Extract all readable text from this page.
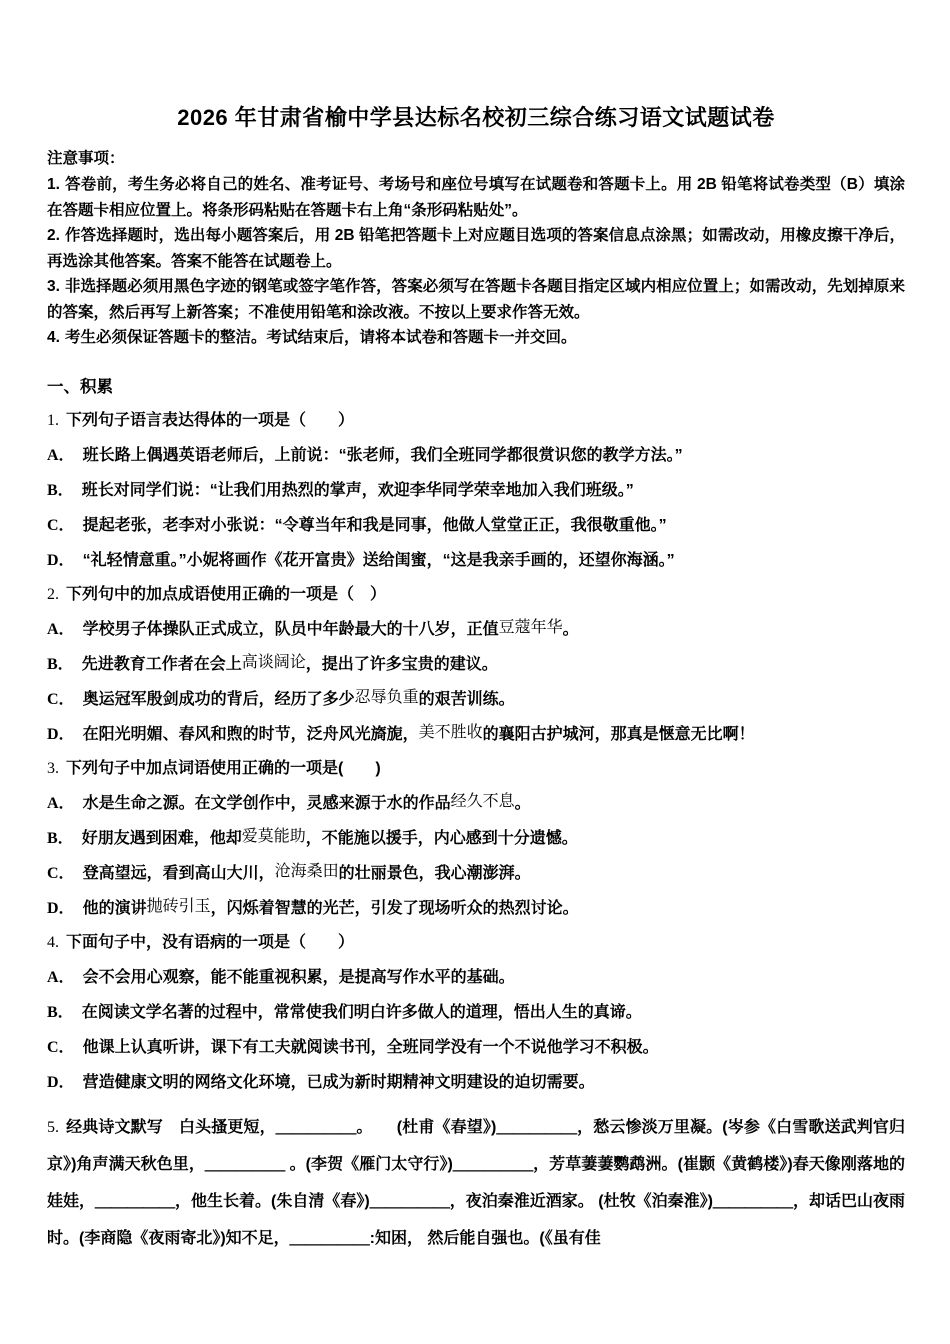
2026 年甘肃省榆中学县达标名校初三综合练习语文试题试卷

注意事项：

1. 答卷前，考生务必将自己的姓名、准考证号、考场号和座位号填写在试题卷和答题卡上。用 2B 铅笔将试卷类型（B）填涂在答题卡相应位置上。将条形码粘贴在答题卡右上角“条形码粘贴处”。

2. 作答选择题时，选出每小题答案后，用 2B 铅笔把答题卡上对应题目选项的答案信息点涂黑；如需改动，用橡皮擦干净后，再选涂其他答案。答案不能答在试题卷上。

3. 非选择题必须用黑色字迹的钢笔或签字笔作答，答案必须写在答题卡各题目指定区域内相应位置上；如需改动，先划掉原来的答案，然后再写上新答案；不准使用铅笔和涂改液。不按以上要求作答无效。

4. 考生必须保证答题卡的整洁。考试结束后，请将本试卷和答题卡一并交回。

一、积累

1. 下列句子语言表达得体的一项是（　　）

A． 班长路上偶遇英语老师后，上前说：“张老师，我们全班同学都很赏识您的教学方法。”

B． 班长对同学们说：“让我们用热烈的掌声，欢迎李华同学荣幸地加入我们班级。”

C． 提起老张，老李对小张说：“令尊当年和我是同事，他做人堂堂正正，我很敬重他。”

D． “礼轻情意重。”小妮将画作《花开富贵》送给闺蜜，“这是我亲手画的，还望你海涵。”

2. 下列句中的加点成语使用正确的一项是（　）

A． 学校男子体操队正式成立，队员中年龄最大的十八岁，正值豆蔻年华。

B． 先进教育工作者在会上高谈阔论，提出了许多宝贵的建议。

C． 奥运冠军殷剑成功的背后，经历了多少忍辱负重的艰苦训练。

D． 在阳光明媚、春风和煦的时节，泛舟风光旖旎，美不胜收的襄阳古护城河，那真是惬意无比啊！

3. 下列句子中加点词语使用正确的一项是(　　)

A． 水是生命之源。在文学创作中，灵感来源于水的作品经久不息。

B． 好朋友遇到困难，他却爱莫能助，不能施以援手，内心感到十分遗憾。

C． 登高望远，看到高山大川，沧海桑田的壮丽景色，我心潮澎湃。

D． 他的演讲抛砖引玉，闪烁着智慧的光芒，引发了现场听众的热烈讨论。

4. 下面句子中，没有语病的一项是（　　）

A． 会不会用心观察，能不能重视积累，是提高写作水平的基础。

B． 在阅读文学名著的过程中，常常使我们明白许多做人的道理，悟出人生的真谛。

C． 他课上认真听讲，课下有工夫就阅读书刊，全班同学没有一个不说他学习不积极。

D． 营造健康文明的网络文化环境，已成为新时期精神文明建设的迫切需要。

5. 经典诗文默写　白头搔更短，＿＿＿＿＿。　　(杜甫《春望》)＿＿＿＿＿，愁云惨淡万里凝。(岑参《白雪歌送武判官归京》)角声满天秋色里，＿＿＿＿＿ 。(李贺《雁门太守行》)＿＿＿＿＿，芳草萋萋鹦鹉洲。(崔颢《黄鹤楼》)春天像刚落地的娃娃，＿＿＿＿＿，他生长着。(朱自清《春》)＿＿＿＿＿，夜泊秦淮近酒家。 (杜牧《泊秦淮》)＿＿＿＿＿，却话巴山夜雨时。(李商隐《夜雨寄北》)知不足，＿＿＿＿＿:知困， 然后能自强也。(《虽有佳
